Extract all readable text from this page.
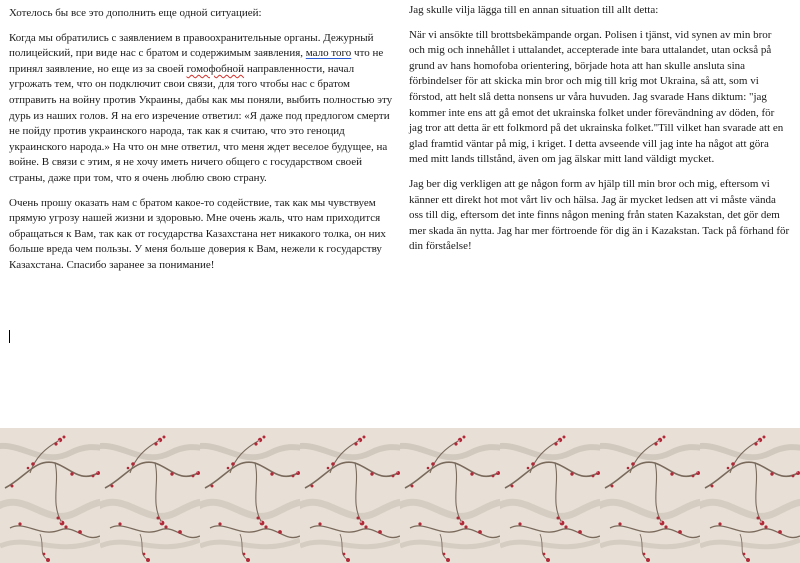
Хотелось бы все это дополнить еще одной ситуацией:

Когда мы обратились с заявлением в правоохранительные органы. Дежурный полицейский, при виде нас с братом и содержимым заявления, мало того что не принял заявление, но еще из за своей гомофобной направленности, начал угрожать тем, что он подключит свои связи, для того чтобы нас с братом отправить на войну против Украины, дабы как мы поняли, выбить полностью эту дурь из наших голов. Я на его изречение ответил: «Я даже под предлогом смерти не пойду против украинского народа, так как я считаю, что это геноцид украинского народа.» На что он мне ответил, что меня ждет веселое будущее, на войне. В связи с этим, я не хочу иметь ничего общего с государством своей страны, даже при том, что я очень люблю свою страну.

Очень прошу оказать нам с братом какое-то содействие, так как мы чувствуем прямую угрозу нашей жизни и здоровью. Мне очень жаль, что нам приходится обращаться к Вам, так как от государства Казахстана нет никакого толка, он них больше вреда чем пользы. У меня больше доверия к Вам, нежели к государству Казахстана. Спасибо заранее за понимание!

Jag skulle vilja lägga till en annan situation till allt detta:

När vi ansökte till brottsbekämpande organ. Polisen i tjänst, vid synen av min bror och mig och innehållet i uttalandet, accepterade inte bara uttalandet, utan också på grund av hans homofoba orientering, började hota att han skulle ansluta sina förbindelser för att skicka min bror och mig till krig mot Ukraina, så att, som vi förstod, att helt slå detta nonsens ur våra huvuden. Jag svarade Hans diktum: "jag kommer inte ens att gå emot det ukrainska folket under förevändning av döden, för jag tror att detta är ett folkmord på det ukrainska folket."Till vilket han svarade att en glad framtid väntar på mig, i kriget. I detta avseende vill jag inte ha något att göra med mitt lands tillstånd, även om jag älskar mitt land väldigt mycket.

Jag ber dig verkligen att ge någon form av hjälp till min bror och mig, eftersom vi känner ett direkt hot mot vårt liv och hälsa. Jag är mycket ledsen att vi måste vända oss till dig, eftersom det inte finns någon mening från staten Kazakstan, det gör dem mer skada än nytta. Jag har mer förtroende för dig än i Kazakstan. Tack på förhand för din förståelse!
